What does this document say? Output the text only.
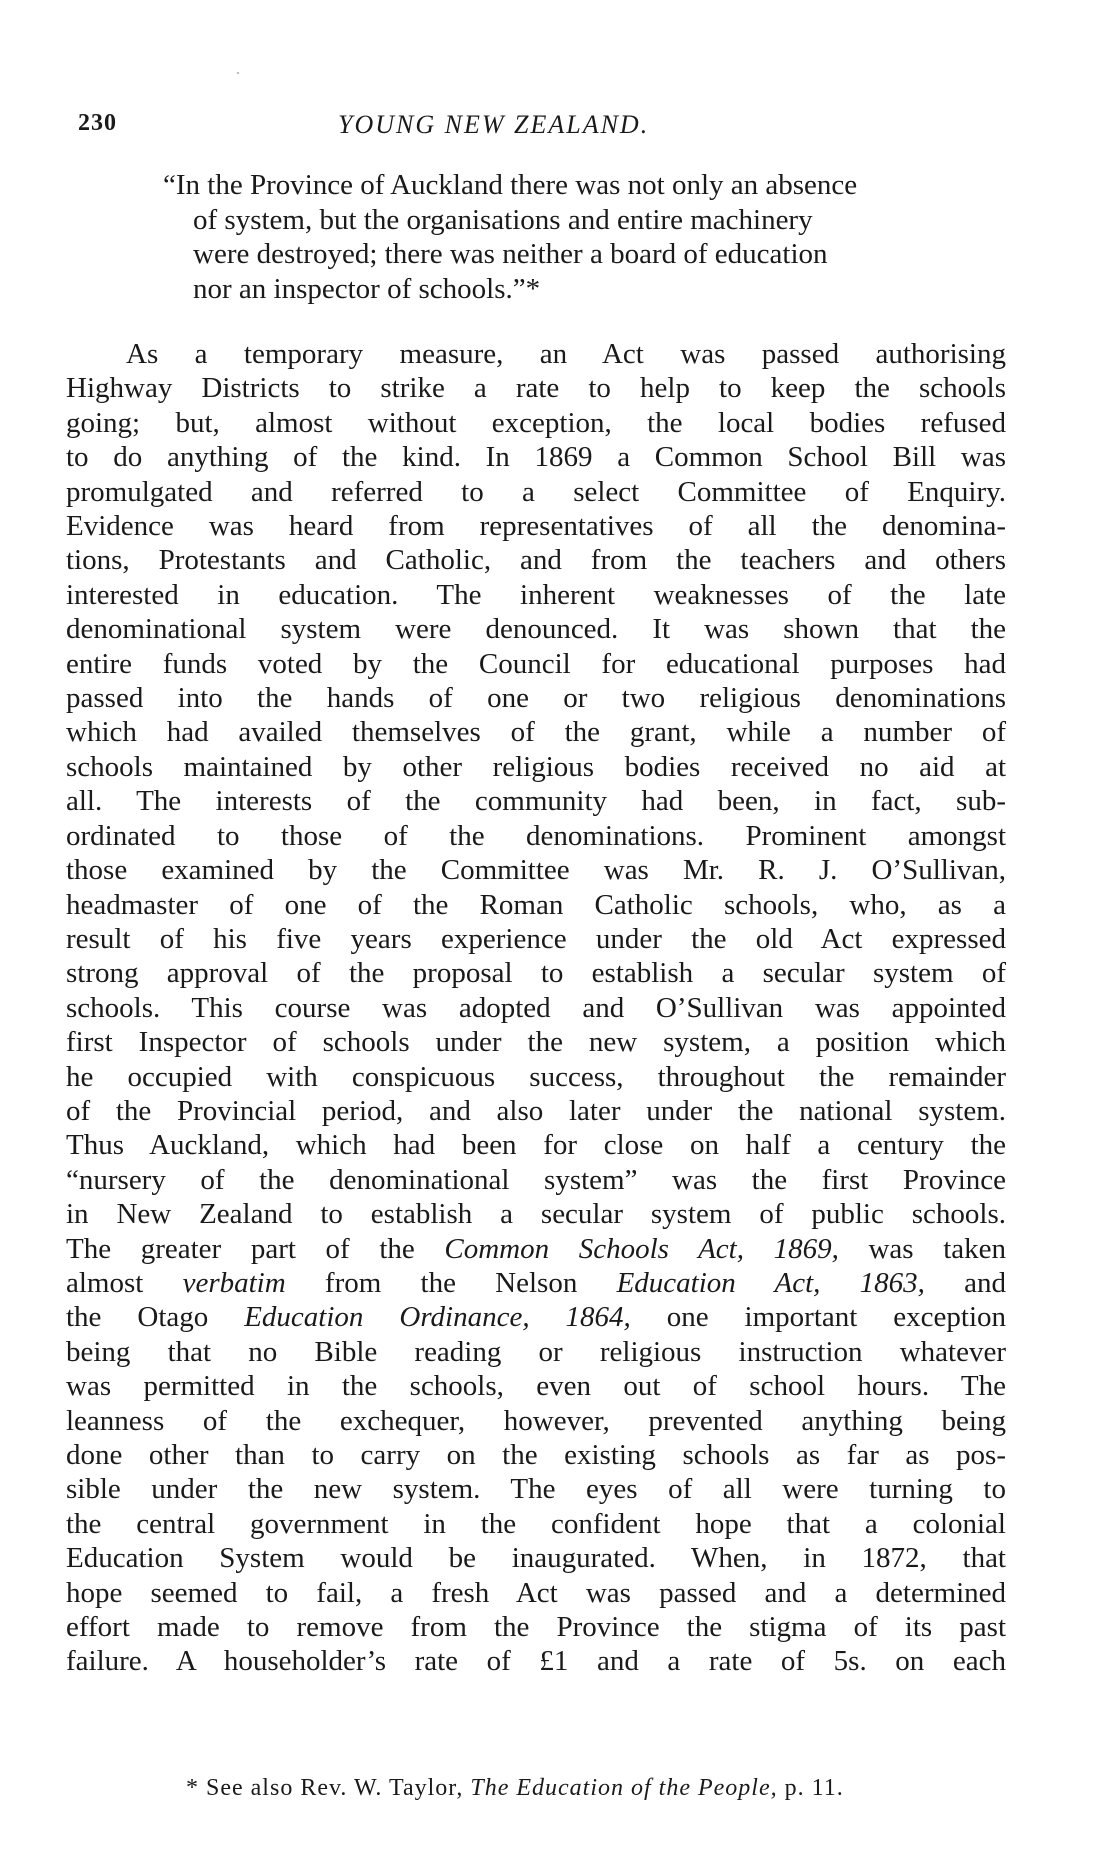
230	YOUNG NEW ZEALAND.
“In the Province of Auckland there was not only an absence
of system, but the organisations and entire machinery
were destroyed; there was neither a board of education
nor an inspector of schools.”*
As a temporary measure, an Act was passed authorising
Highway Districts to strike a rate to help to keep the schools
going; but, almost without exception, the local bodies refused
to do anything of the kind. In 1869 a Common School Bill was
promulgated and referred to a select Committee of Enquiry.
Evidence was heard from representatives of all the denomina-
tions, Protestants and Catholic, and from the teachers and others
interested in education. The inherent weaknesses of the late
denominational system were denounced. It was shown that the
entire funds voted by the Council for educational purposes had
passed into the hands of one or two religious denominations
which had availed themselves of the grant, while a number of
schools maintained by other religious bodies received no aid at
all. The interests of the community had been, in fact, sub-
ordinated to those of the denominations. Prominent amongst
those examined by the Committee was Mr. R. J. O’Sullivan,
headmaster of one of the Roman Catholic schools, who, as a
result of his five years experience under the old Act expressed
strong approval of the proposal to establish a secular system of
schools. This course was adopted and O’Sullivan was appointed
first Inspector of schools under the new system, a position which
he occupied with conspicuous success, throughout the remainder
of the Provincial period, and also later under the national system.
Thus Auckland, which had been for close on half a century the
“nursery of the denominational system” was the first Province
in New Zealand to establish a secular system of public schools.
The greater part of the Common Schools Act, 1869, was taken
almost verbatim from the Nelson Education Act, 1863, and
the Otago Education Ordinance, 1864, one important exception
being that no Bible reading or religious instruction whatever
was permitted in the schools, even out of school hours. The
leanness of the exchequer, however, prevented anything being
done other than to carry on the existing schools as far as pos-
sible under the new system. The eyes of all were turning to
the central government in the confident hope that a colonial
Education System would be inaugurated. When, in 1872, that
hope seemed to fail, a fresh Act was passed and a determined
effort made to remove from the Province the stigma of its past
failure. A householder’s rate of £1 and a rate of 5s. on each
* See also Rev. W. Taylor, The Education of the People, p. 11.
